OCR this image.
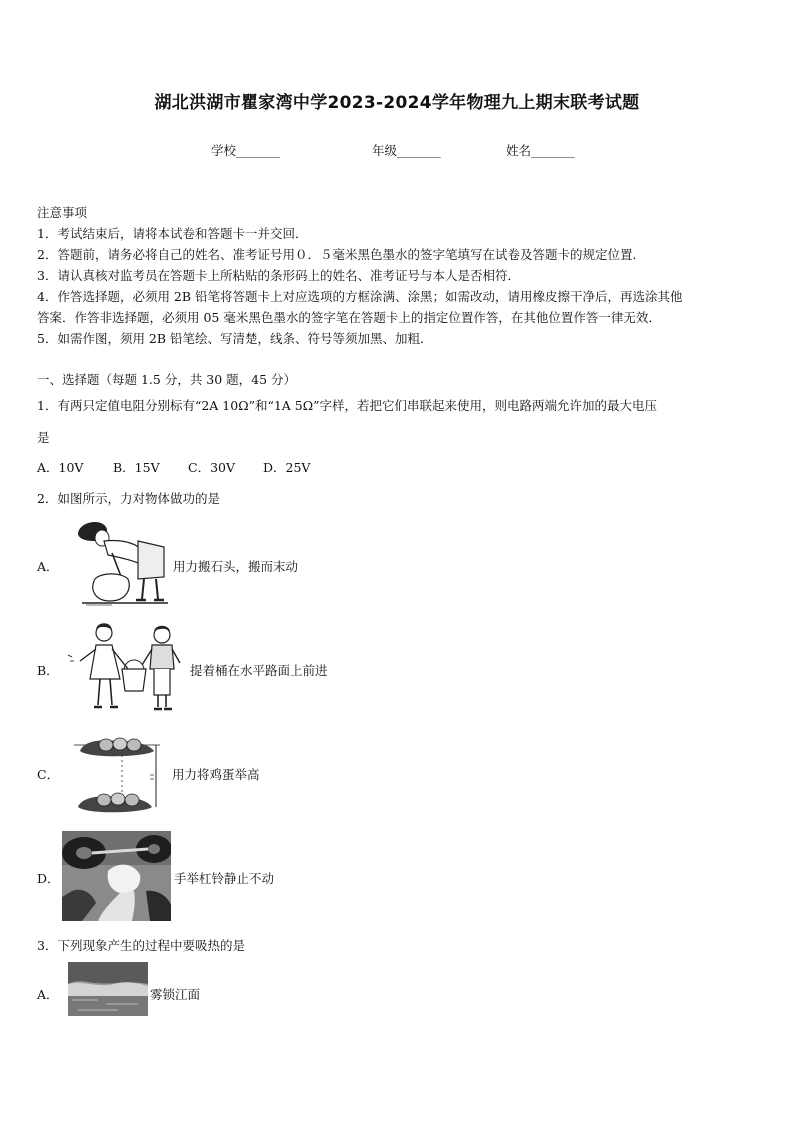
湖北洪湖市瞿家湾中学2023-2024学年物理九上期末联考试题
学校_______	年级_______	姓名_______
注意事项
1．考试结束后，请将本试卷和答题卡一并交回．
2．答题前，请务必将自己的姓名、准考证号用０．５毫米黑色墨水的签字笔填写在试卷及答题卡的规定位置．
3．请认真核对监考员在答题卡上所粘贴的条形码上的姓名、准考证号与本人是否相符．
4．作答选择题，必须用 2B 铅笔将答题卡上对应选项的方框涂满、涂黑；如需改动，请用橡皮擦干净后，再选涂其他
答案．作答非选择题，必须用 05 毫米黑色墨水的签字笔在答题卡上的指定位置作答，在其他位置作答一律无效．
5．如需作图，须用 2B 铅笔绘、写清楚，线条、符号等须加黑、加粗．
一、选择题（每题 1.5 分，共 30 题，45 分）
1．有两只定值电阻分别标有“2A 10Ω”和“1A 5Ω”字样，若把它们串联起来使用，则电路两端允许加的最大电压
是
A．10V B．15V C．30V D．25V
2．如图所示，力对物体做功的是
A．	用力搬石头，搬而末动
B．	提着桶在水平路面上前进
C．	用力将鸡蛋举高
D．	手举杠铃静止不动
3．下列现象产生的过程中要吸热的是
A．	雾锁江面
